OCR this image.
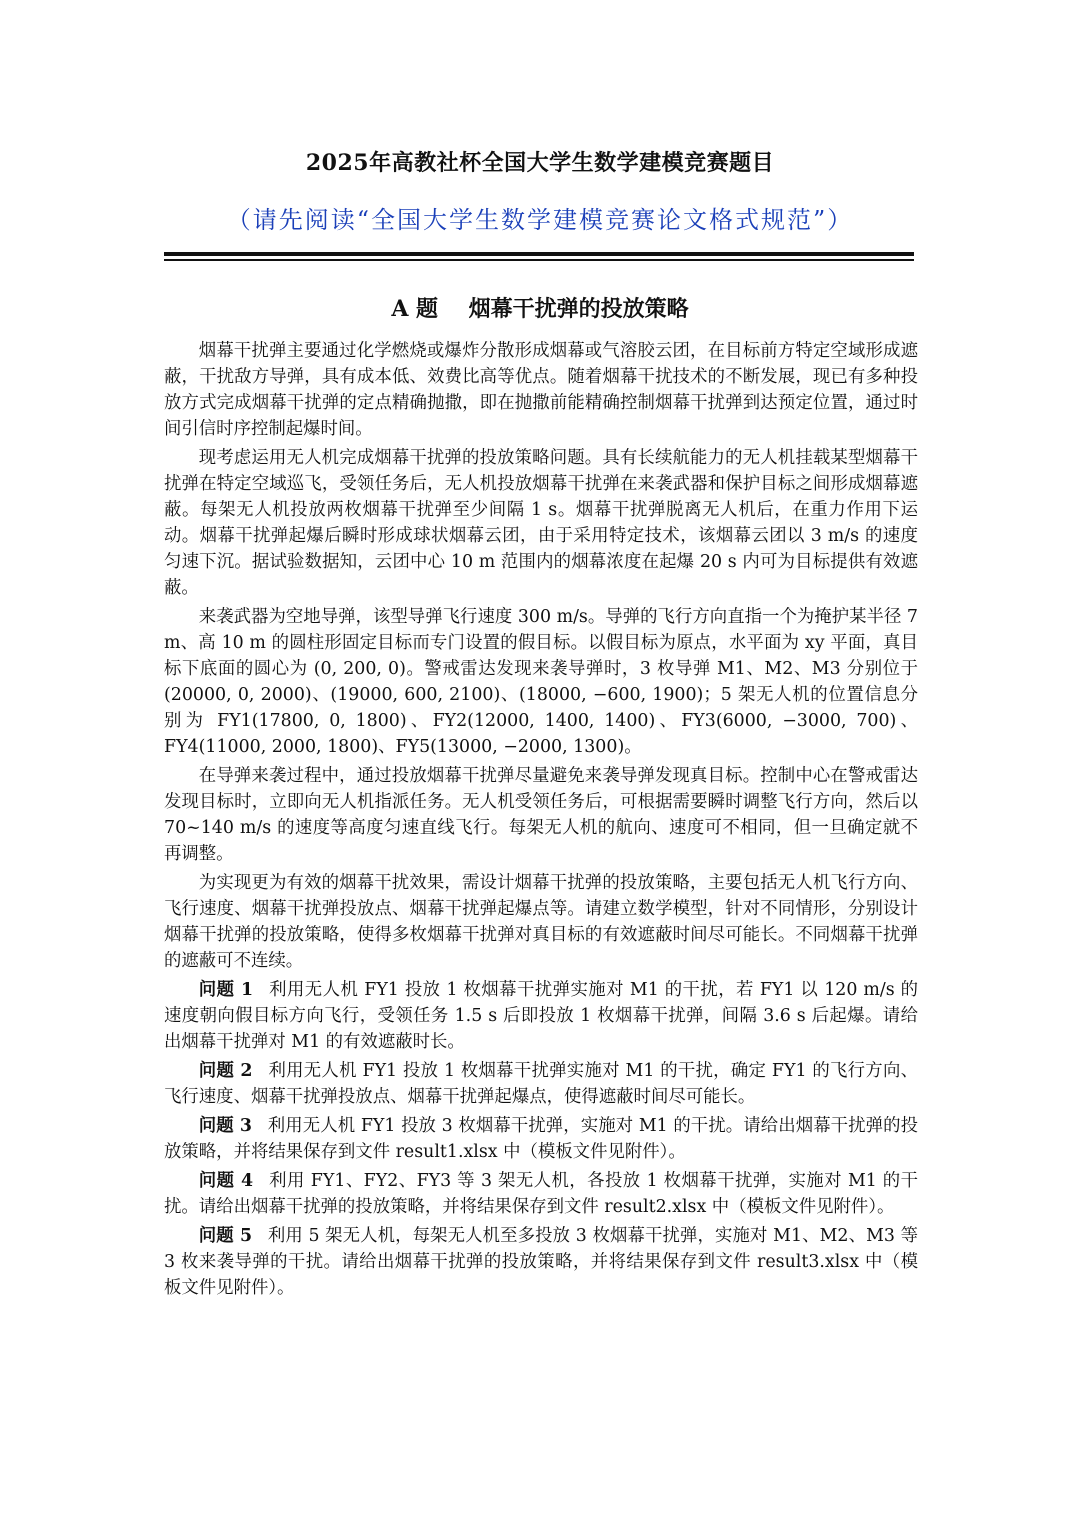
2025年高教社杯全国大学生数学建模竞赛题目
（请先阅读“全国大学生数学建模竞赛论文格式规范”）
A 题    烟幕干扰弹的投放策略

烟幕干扰弹主要通过化学燃烧或爆炸分散形成烟幕或气溶胶云团，在目标前方特定空域形成遮蔽，干扰敌方导弹，具有成本低、效费比高等优点。随着烟幕干扰技术的不断发展，现已有多种投放方式完成烟幕干扰弹的定点精确抛撒，即在抛撒前能精确控制烟幕干扰弹到达预定位置，通过时间引信时序控制起爆时间。

现考虑运用无人机完成烟幕干扰弹的投放策略问题。具有长续航能力的无人机挂载某型烟幕干扰弹在特定空域巡飞，受领任务后，无人机投放烟幕干扰弹在来袭武器和保护目标之间形成烟幕遮蔽。每架无人机投放两枚烟幕干扰弹至少间隔 1 s。烟幕干扰弹脱离无人机后，在重力作用下运动。烟幕干扰弹起爆后瞬时形成球状烟幕云团，由于采用特定技术，该烟幕云团以 3 m/s 的速度匀速下沉。据试验数据知，云团中心 10 m 范围内的烟幕浓度在起爆 20 s 内可为目标提供有效遮蔽。

来袭武器为空地导弹，该型导弹飞行速度 300 m/s。导弹的飞行方向直指一个为掩护某半径 7 m、高 10 m 的圆柱形固定目标而专门设置的假目标。以假目标为原点，水平面为 xy 平面，真目标下底面的圆心为 (0, 200, 0)。警戒雷达发现来袭导弹时，3 枚导弹 M1、M2、M3 分别位于 (20000, 0, 2000)、(19000, 600, 2100)、(18000, −600, 1900)；5 架无人机的位置信息分别为 FY1(17800, 0, 1800)、FY2(12000, 1400, 1400)、FY3(6000, −3000, 700)、FY4(11000, 2000, 1800)、FY5(13000, −2000, 1300)。

在导弹来袭过程中，通过投放烟幕干扰弹尽量避免来袭导弹发现真目标。控制中心在警戒雷达发现目标时，立即向无人机指派任务。无人机受领任务后，可根据需要瞬时调整飞行方向，然后以 70~140 m/s 的速度等高度匀速直线飞行。每架无人机的航向、速度可不相同，但一旦确定就不再调整。

为实现更为有效的烟幕干扰效果，需设计烟幕干扰弹的投放策略，主要包括无人机飞行方向、飞行速度、烟幕干扰弹投放点、烟幕干扰弹起爆点等。请建立数学模型，针对不同情形，分别设计烟幕干扰弹的投放策略，使得多枚烟幕干扰弹对真目标的有效遮蔽时间尽可能长。不同烟幕干扰弹的遮蔽可不连续。

问题 1 利用无人机 FY1 投放 1 枚烟幕干扰弹实施对 M1 的干扰，若 FY1 以 120 m/s 的速度朝向假目标方向飞行，受领任务 1.5 s 后即投放 1 枚烟幕干扰弹，间隔 3.6 s 后起爆。请给出烟幕干扰弹对 M1 的有效遮蔽时长。

问题 2 利用无人机 FY1 投放 1 枚烟幕干扰弹实施对 M1 的干扰，确定 FY1 的飞行方向、飞行速度、烟幕干扰弹投放点、烟幕干扰弹起爆点，使得遮蔽时间尽可能长。

问题 3 利用无人机 FY1 投放 3 枚烟幕干扰弹，实施对 M1 的干扰。请给出烟幕干扰弹的投放策略，并将结果保存到文件 result1.xlsx 中（模板文件见附件）。

问题 4 利用 FY1、FY2、FY3 等 3 架无人机，各投放 1 枚烟幕干扰弹，实施对 M1 的干扰。请给出烟幕干扰弹的投放策略，并将结果保存到文件 result2.xlsx 中（模板文件见附件）。

问题 5 利用 5 架无人机，每架无人机至多投放 3 枚烟幕干扰弹，实施对 M1、M2、M3 等 3 枚来袭导弹的干扰。请给出烟幕干扰弹的投放策略，并将结果保存到文件 result3.xlsx 中（模板文件见附件）。
